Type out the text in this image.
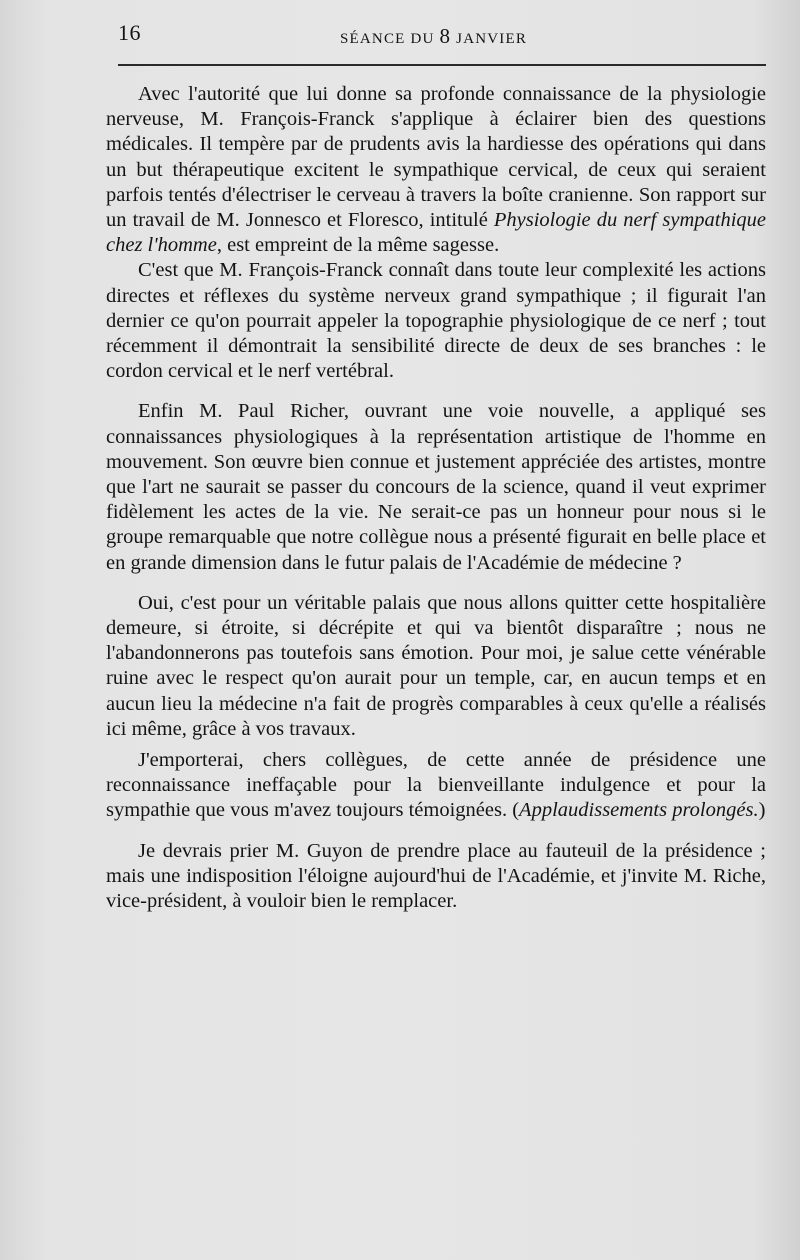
16	SÉANCE DU 8 JANVIER

Avec l'autorité que lui donne sa profonde connaissance de la physiologie nerveuse, M. François-Franck s'applique à éclairer bien des questions médicales. Il tempère par de prudents avis la hardiesse des opérations qui dans un but thérapeutique excitent le sympathique cervical, de ceux qui seraient parfois tentés d'électriser le cerveau à travers la boîte cranienne. Son rapport sur un travail de M. Jonnesco et Floresco, intitulé Physiologie du nerf sympathique chez l'homme, est empreint de la même sagesse.

C'est que M. François-Franck connaît dans toute leur complexité les actions directes et réflexes du système nerveux grand sympathique ; il figurait l'an dernier ce qu'on pourrait appeler la topographie physiologique de ce nerf ; tout récemment il démontrait la sensibilité directe de deux de ses branches : le cordon cervical et le nerf vertébral.

Enfin M. Paul Richer, ouvrant une voie nouvelle, a appliqué ses connaissances physiologiques à la représentation artistique de l'homme en mouvement. Son œuvre bien connue et justement appréciée des artistes, montre que l'art ne saurait se passer du concours de la science, quand il veut exprimer fidèlement les actes de la vie. Ne serait-ce pas un honneur pour nous si le groupe remarquable que notre collègue nous a présenté figurait en belle place et en grande dimension dans le futur palais de l'Académie de médecine ?

Oui, c'est pour un véritable palais que nous allons quitter cette hospitalière demeure, si étroite, si décrépite et qui va bientôt disparaître ; nous ne l'abandonnerons pas toutefois sans émotion. Pour moi, je salue cette vénérable ruine avec le respect qu'on aurait pour un temple, car, en aucun temps et en aucun lieu la médecine n'a fait de progrès comparables à ceux qu'elle a réalisés ici même, grâce à vos travaux.

J'emporterai, chers collègues, de cette année de présidence une reconnaissance ineffaçable pour la bienveillante indulgence et pour la sympathie que vous m'avez toujours témoignées. (Applaudissements prolongés.)

Je devrais prier M. Guyon de prendre place au fauteuil de la présidence ; mais une indisposition l'éloigne aujourd'hui de l'Académie, et j'invite M. Riche, vice-président, à vouloir bien le remplacer.
